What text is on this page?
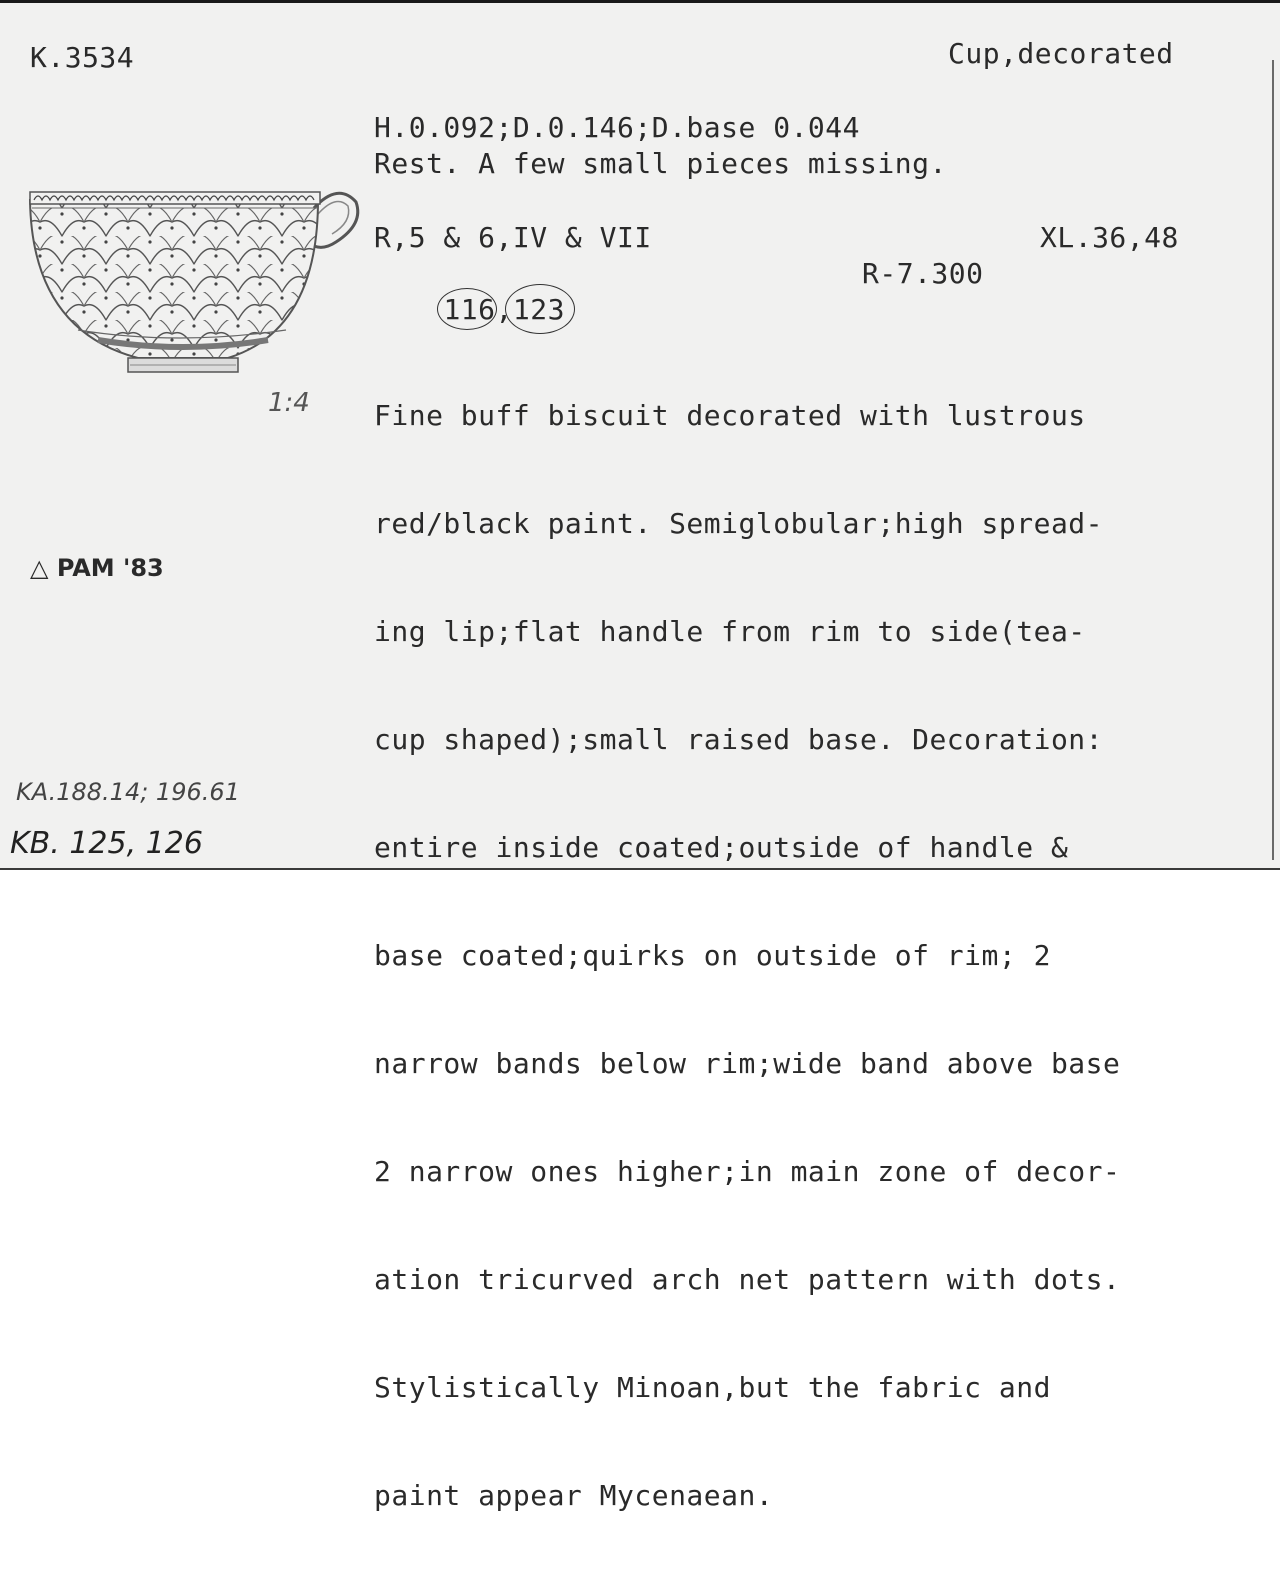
K.3534	Cup,decorated
H.0.092;D.0.146;D.base 0.044
Rest. A few small pieces missing.
R,5 & 6,IV & VII	XL.36,48

116
,123

R-7.300

Fine buff biscuit decorated with lustrous

red/black paint. Semiglobular;high spread-

ing lip;flat handle from rim to side(tea-

cup shaped);small raised base. Decoration:

entire inside coated;outside of handle &

base coated;quirks on outside of rim; 2

narrow bands below rim;wide band above base

2 narrow ones higher;in main zone of decor-

ation tricurved arch net pattern with dots.

Stylistically Minoan,but the fabric and

paint appear Mycenaean.

1:4
△ PAM '83
KA.188.14; 196.61
KB. 125, 126
